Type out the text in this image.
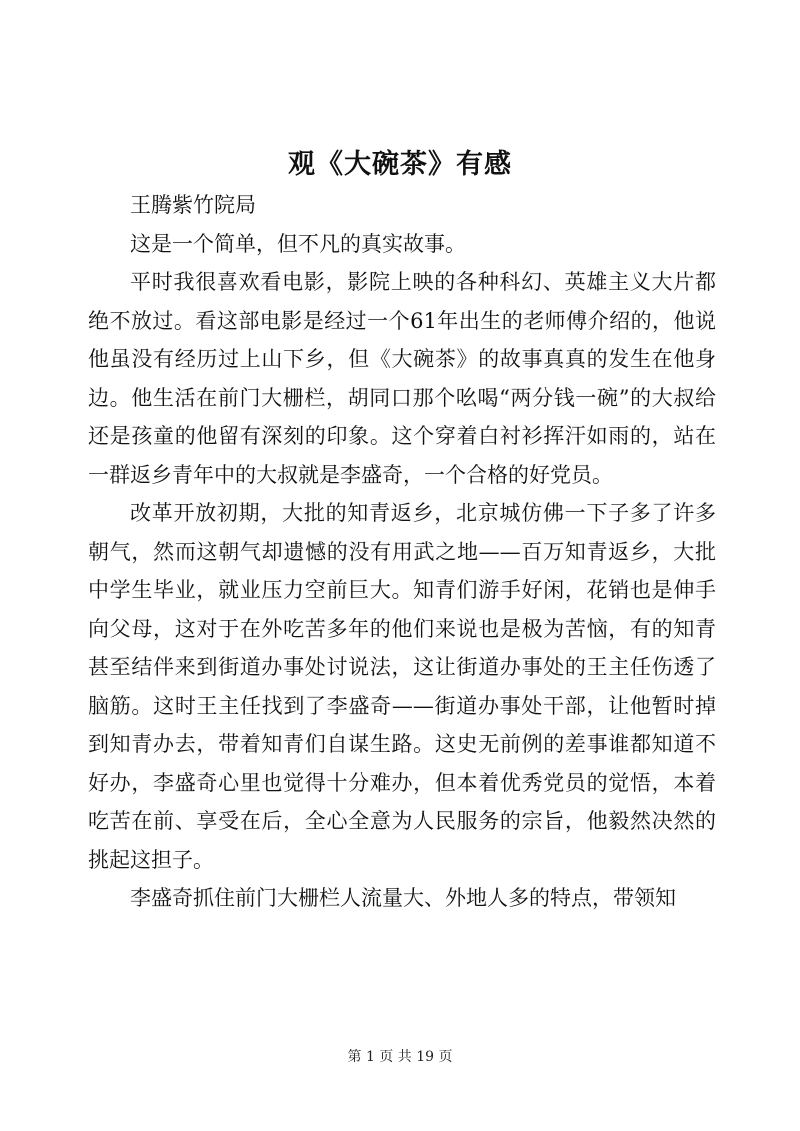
观《大碗茶》有感

王腾紫竹院局

这是一个简单，但不凡的真实故事。

平时我很喜欢看电影，影院上映的各种科幻、英雄主义大片都绝不放过。看这部电影是经过一个61年出生的老师傅介绍的，他说他虽没有经历过上山下乡，但《大碗茶》的故事真真的发生在他身边。他生活在前门大栅栏，胡同口那个吆喝“两分钱一碗”的大叔给还是孩童的他留有深刻的印象。这个穿着白衬衫挥汗如雨的，站在一群返乡青年中的大叔就是李盛奇，一个合格的好党员。

改革开放初期，大批的知青返乡，北京城仿佛一下子多了许多朝气，然而这朝气却遗憾的没有用武之地——百万知青返乡，大批中学生毕业，就业压力空前巨大。知青们游手好闲，花销也是伸手向父母，这对于在外吃苦多年的他们来说也是极为苦恼，有的知青甚至结伴来到街道办事处讨说法，这让街道办事处的王主任伤透了脑筋。这时王主任找到了李盛奇——街道办事处干部，让他暂时掉到知青办去，带着知青们自谋生路。这史无前例的差事谁都知道不好办，李盛奇心里也觉得十分难办，但本着优秀党员的觉悟，本着吃苦在前、享受在后，全心全意为人民服务的宗旨，他毅然决然的挑起这担子。

李盛奇抓住前门大栅栏人流量大、外地人多的特点，带领知

第 1 页 共 19 页
